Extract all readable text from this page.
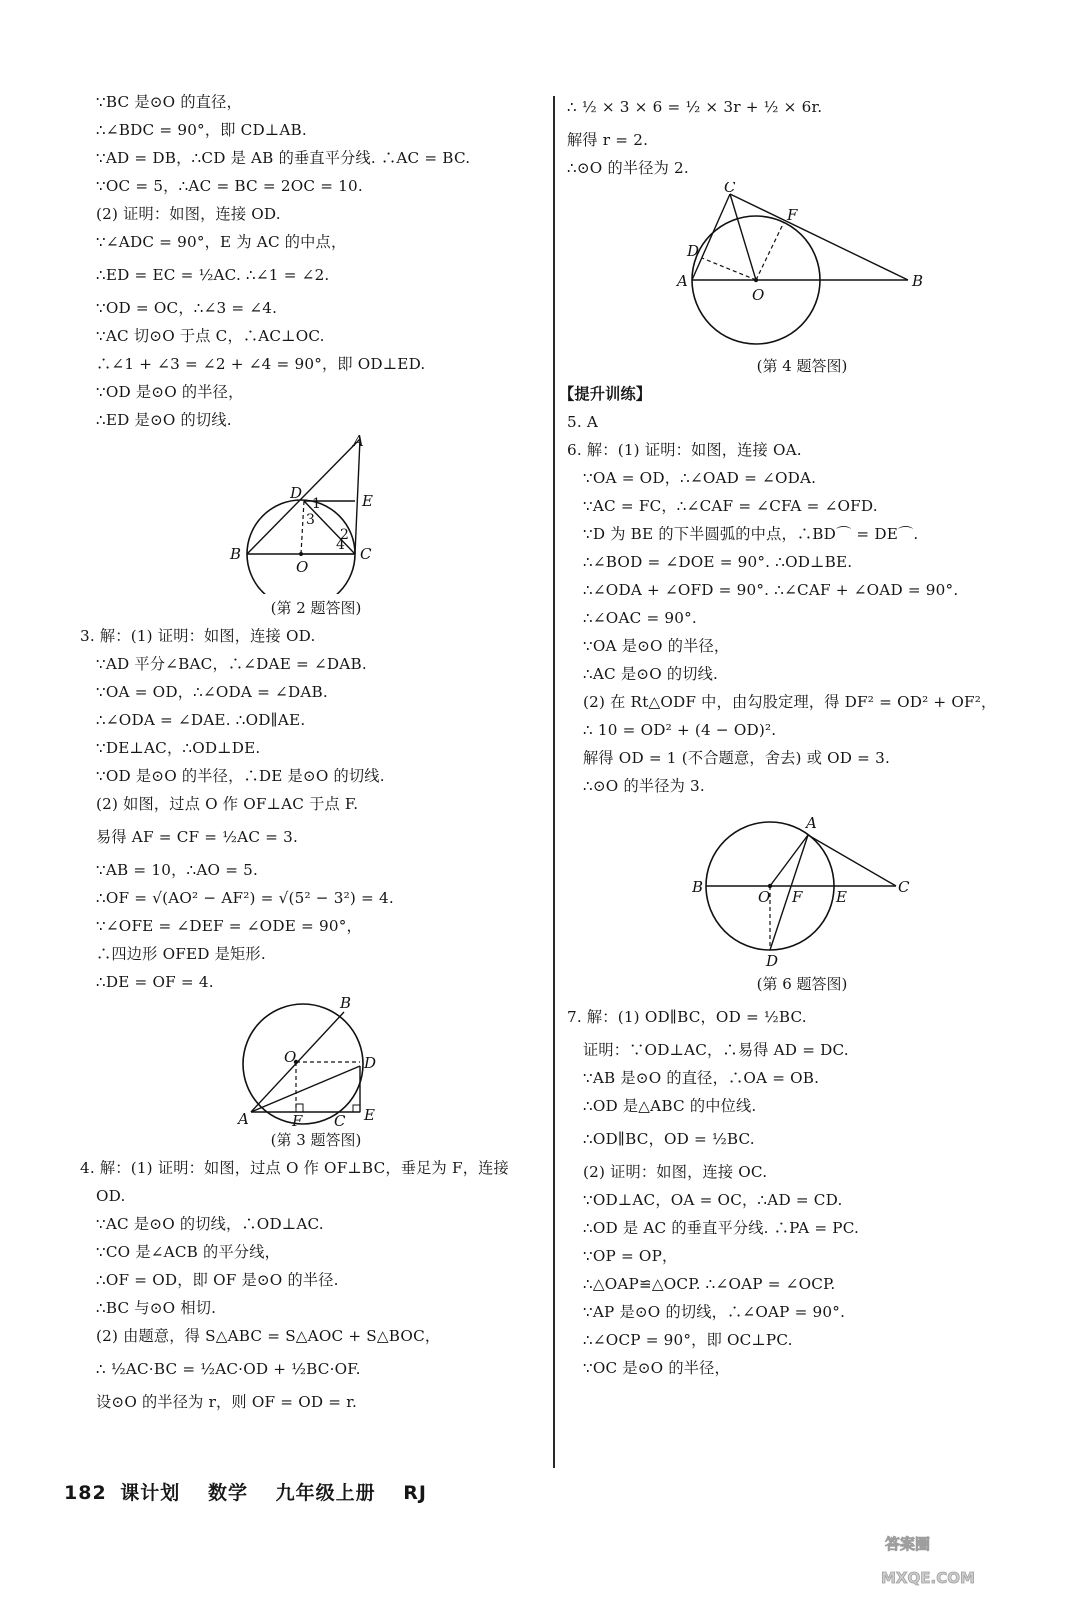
∵BC 是⊙O 的直径，
∴∠BDC = 90°，即 CD⊥AB.
∵AD = DB，∴CD 是 AB 的垂直平分线. ∴AC = BC.
∵OC = 5，∴AC = BC = 2OC = 10.
(2) 证明：如图，连接 OD.
∵∠ADC = 90°，E 为 AC 的中点，
∴ED = EC = ½AC. ∴∠1 = ∠2.
∵OD = OC，∴∠3 = ∠4.
∵AC 切⊙O 于点 C，∴AC⊥OC.
∴∠1 + ∠3 = ∠2 + ∠4 = 90°，即 OD⊥ED.
∵OD 是⊙O 的半径，
∴ED 是⊙O 的切线.
A
B	C
D	E
O
1
2
3
4
(第 2 题答图)
3. 解：(1) 证明：如图，连接 OD.
∵AD 平分∠BAC，∴∠DAE = ∠DAB.
∵OA = OD，∴∠ODA = ∠DAB.
∴∠ODA = ∠DAE. ∴OD∥AE.
∵DE⊥AC，∴OD⊥DE.
∵OD 是⊙O 的半径，∴DE 是⊙O 的切线.
(2) 如图，过点 O 作 OF⊥AC 于点 F.
易得 AF = CF = ½AC = 3.
∵AB = 10，∴AO = 5.
∴OF = √(AO² − AF²) = √(5² − 3²) = 4.
∵∠OFE = ∠DEF = ∠ODE = 90°，
∴四边形 OFED 是矩形.
∴DE = OF = 4.
B
O	D
A	F C E
(第 3 题答图)
4. 解：(1) 证明：如图，过点 O 作 OF⊥BC，垂足为 F，连接
OD.
∵AC 是⊙O 的切线，∴OD⊥AC.
∵CO 是∠ACB 的平分线，
∴OF = OD，即 OF 是⊙O 的半径.
∴BC 与⊙O 相切.
(2) 由题意，得 S△ABC = S△AOC + S△BOC，
∴ ½AC·BC = ½AC·OD + ½BC·OF.
设⊙O 的半径为 r，则 OF = OD = r.
∴ ½ × 3 × 6 = ½ × 3r + ½ × 6r.
解得 r = 2.
∴⊙O 的半径为 2.
C
F
D
A
O
B
(第 4 题答图)
【提升训练】
5. A
6. 解：(1) 证明：如图，连接 OA.
∵OA = OD，∴∠OAD = ∠ODA.
∵AC = FC，∴∠CAF = ∠CFA = ∠OFD.
∵D 为 BE 的下半圆弧的中点，∴BD⌒ = DE⌒.
∴∠BOD = ∠DOE = 90°. ∴OD⊥BE.
∴∠ODA + ∠OFD = 90°. ∴∠CAF + ∠OAD = 90°.
∴∠OAC = 90°.
∵OA 是⊙O 的半径，
∴AC 是⊙O 的切线.
(2) 在 Rt△ODF 中，由勾股定理，得 DF² = OD² + OF²，
∴ 10 = OD² + (4 − OD)².
解得 OD = 1 (不合题意，舍去) 或 OD = 3.
∴⊙O 的半径为 3.
A
B	C
O F E
D
(第 6 题答图)
7. 解：(1) OD∥BC，OD = ½BC.
证明：∵OD⊥AC，∴易得 AD = DC.
∵AB 是⊙O 的直径，∴OA = OB.
∴OD 是△ABC 的中位线.
∴OD∥BC，OD = ½BC.
(2) 证明：如图，连接 OC.
∵OD⊥AC，OA = OC，∴AD = CD.
∴OD 是 AC 的垂直平分线. ∴PA = PC.
∵OP = OP，
∴△OAP≌△OCP. ∴∠OAP = ∠OCP.
∵AP 是⊙O 的切线，∴∠OAP = 90°.
∴∠OCP = 90°，即 OC⊥PC.
∵OC 是⊙O 的半径，
182 课计划 数学 九年级上册 RJ
答案圈
MXQE.COM
